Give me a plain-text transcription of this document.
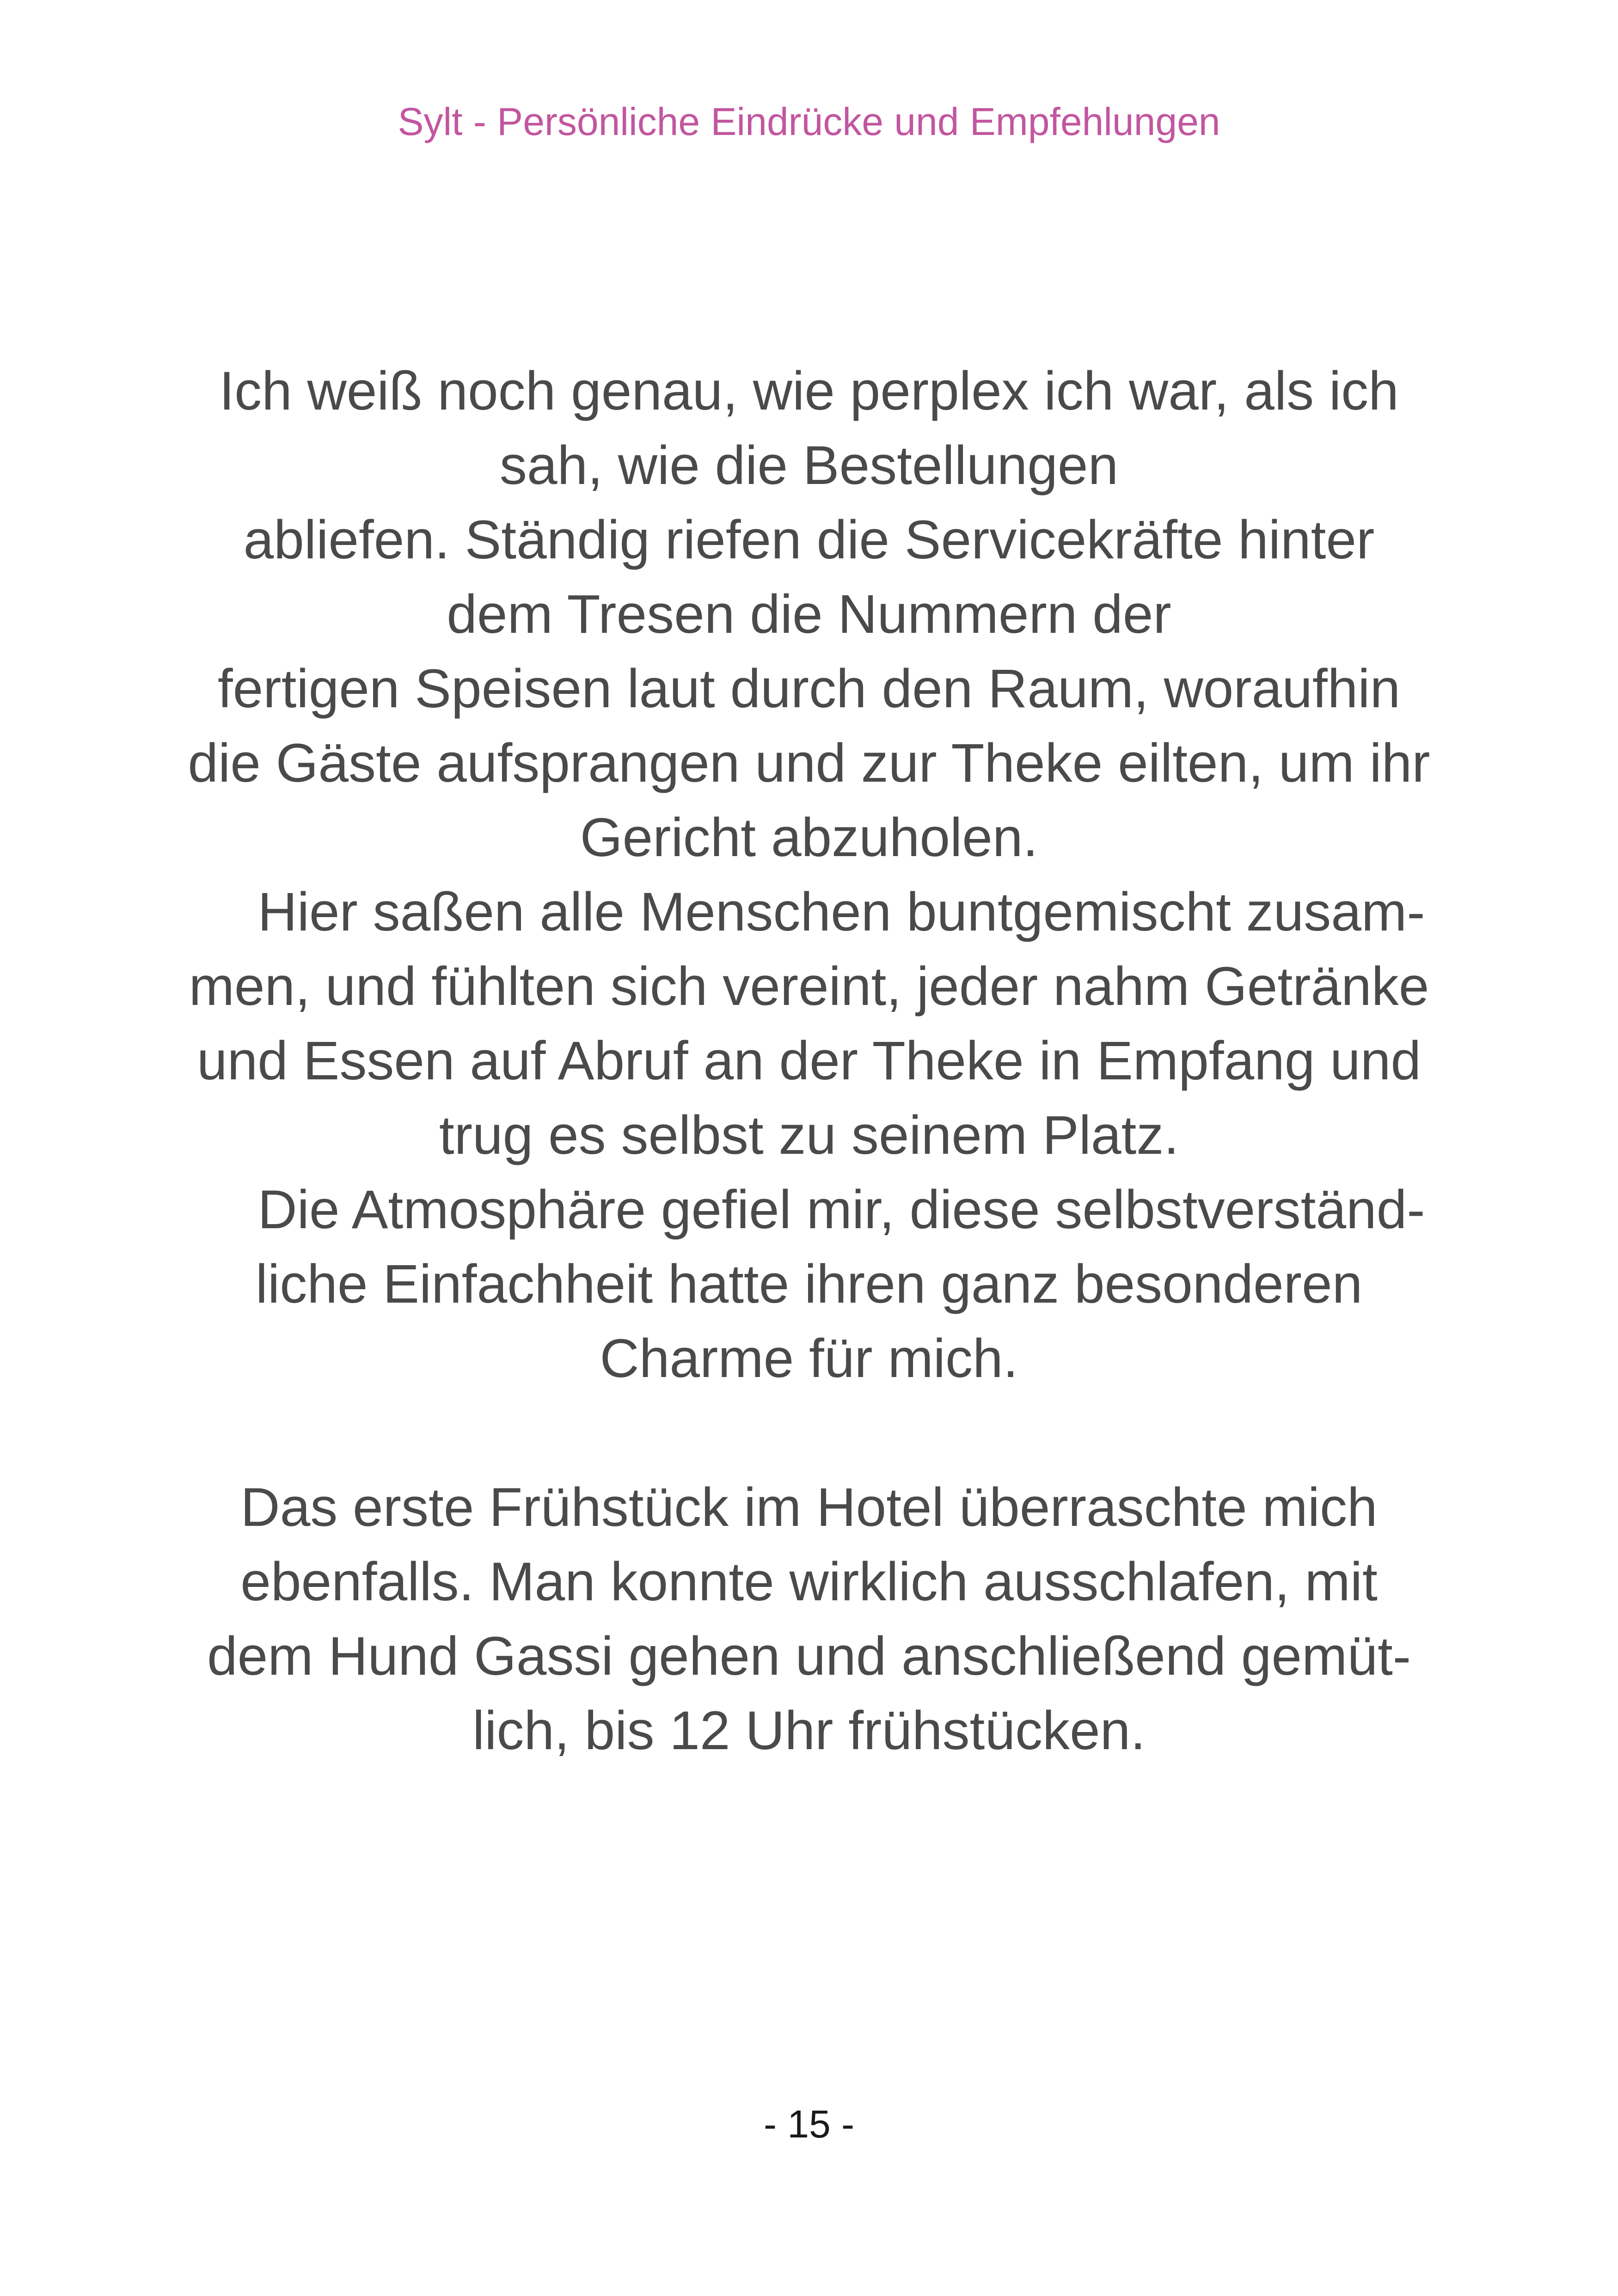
Sylt - Persönliche Eindrücke und Empfehlungen
Ich weiß noch genau, wie perplex ich war, als ich
sah, wie die Bestellungen
abliefen. Ständig riefen die Servicekräfte hinter
dem Tresen die Nummern der
fertigen Speisen laut durch den Raum, woraufhin
die Gäste aufsprangen und zur Theke eilten, um ihr
Gericht abzuholen.
Hier saßen alle Menschen buntgemischt zusam-
men, und fühlten sich vereint, jeder nahm Getränke
und Essen auf Abruf an der Theke in Empfang und
trug es selbst zu seinem Platz.
Die Atmosphäre gefiel mir, diese selbstverständ-
liche Einfachheit hatte ihren ganz besonderen
Charme für mich.
Das erste Frühstück im Hotel überraschte mich
ebenfalls. Man konnte wirklich ausschlafen, mit
dem Hund Gassi gehen und anschließend gemüt-
lich, bis 12 Uhr frühstücken.
- 15 -
